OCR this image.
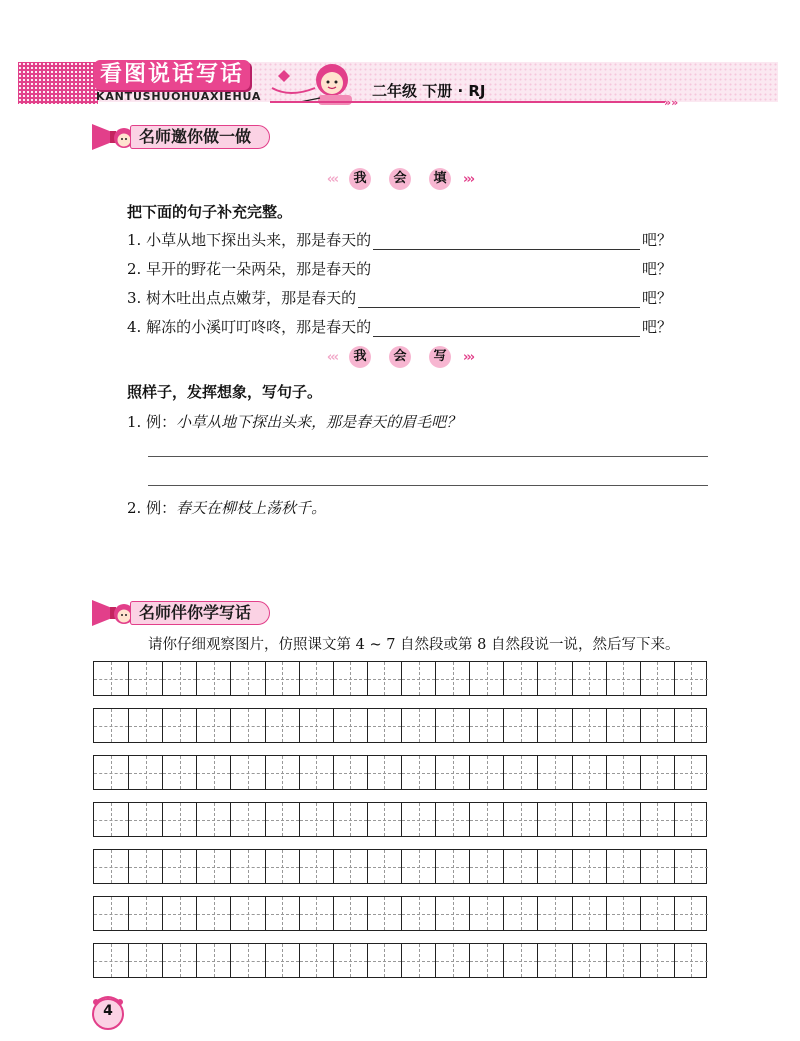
看图说话写话
KANTUSHUOHUAXIEHUA	二年级 下册 · RJ
»»
名师邀你做一做
‹‹‹	我	会	填	›››
把下面的句子补充完整。
1. 小草从地下探出头来，那是春天的	吧？
2. 早开的野花一朵两朵，那是春天的	吧？
3. 树木吐出点点嫩芽，那是春天的	吧？
4. 解冻的小溪叮叮咚咚，那是春天的	吧？
‹‹‹	我	会	写	›››
照样子，发挥想象，写句子。
1. 例：小草从地下探出头来，那是春天的眉毛吧？
2. 例：春天在柳枝上荡秋千。
名师伴你学写话
请你仔细观察图片，仿照课文第 4 ~ 7 自然段或第 8 自然段说一说，然后写下来。
4
